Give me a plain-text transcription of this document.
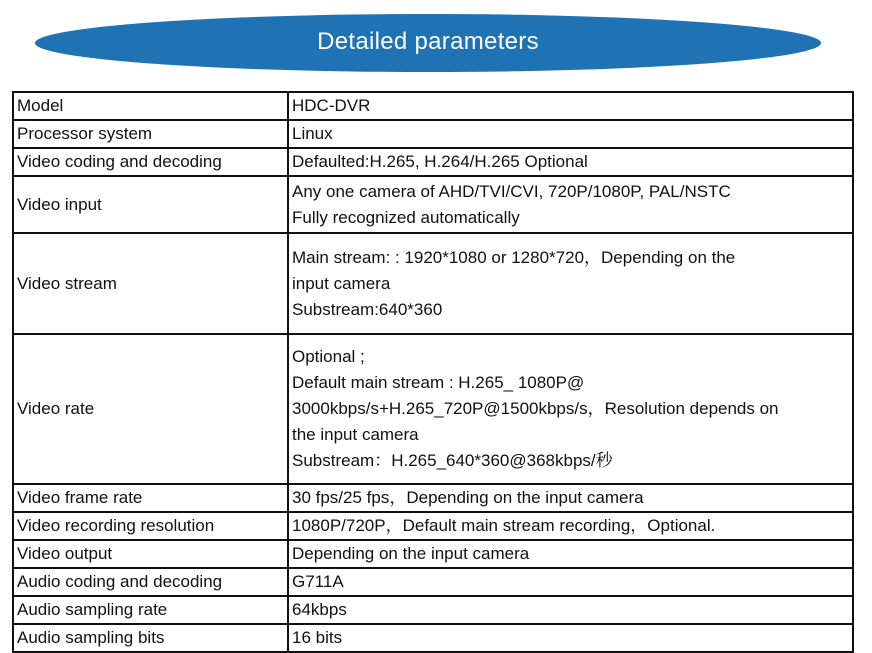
Detailed parameters
Model	HDC-DVR

Processor system	Linux

Video coding and decoding	Defaulted:H.265, H.264/H.265 Optional

Video input	Any one camera of AHD/TVI/CVI, 720P/1080P, PAL/NSTC
Fully recognized automatically

Video stream	Main stream: : 1920*1080 or 1280*720，Depending on the
input camera
Substream:640*360

Video rate	Optional ;
Default main stream : H.265_ 1080P@
3000kbps/s+H.265_720P@1500kbps/s，Resolution depends on
the input camera
Substream：H.265_640*360@368kbps/秒

Video frame rate	30 fps/25 fps，Depending on the input camera

Video recording resolution	1080P/720P，Default main stream recording，Optional.

Video output	Depending on the input camera

Audio coding and decoding	G711A

Audio sampling rate	64kbps

Audio sampling bits	16 bits
